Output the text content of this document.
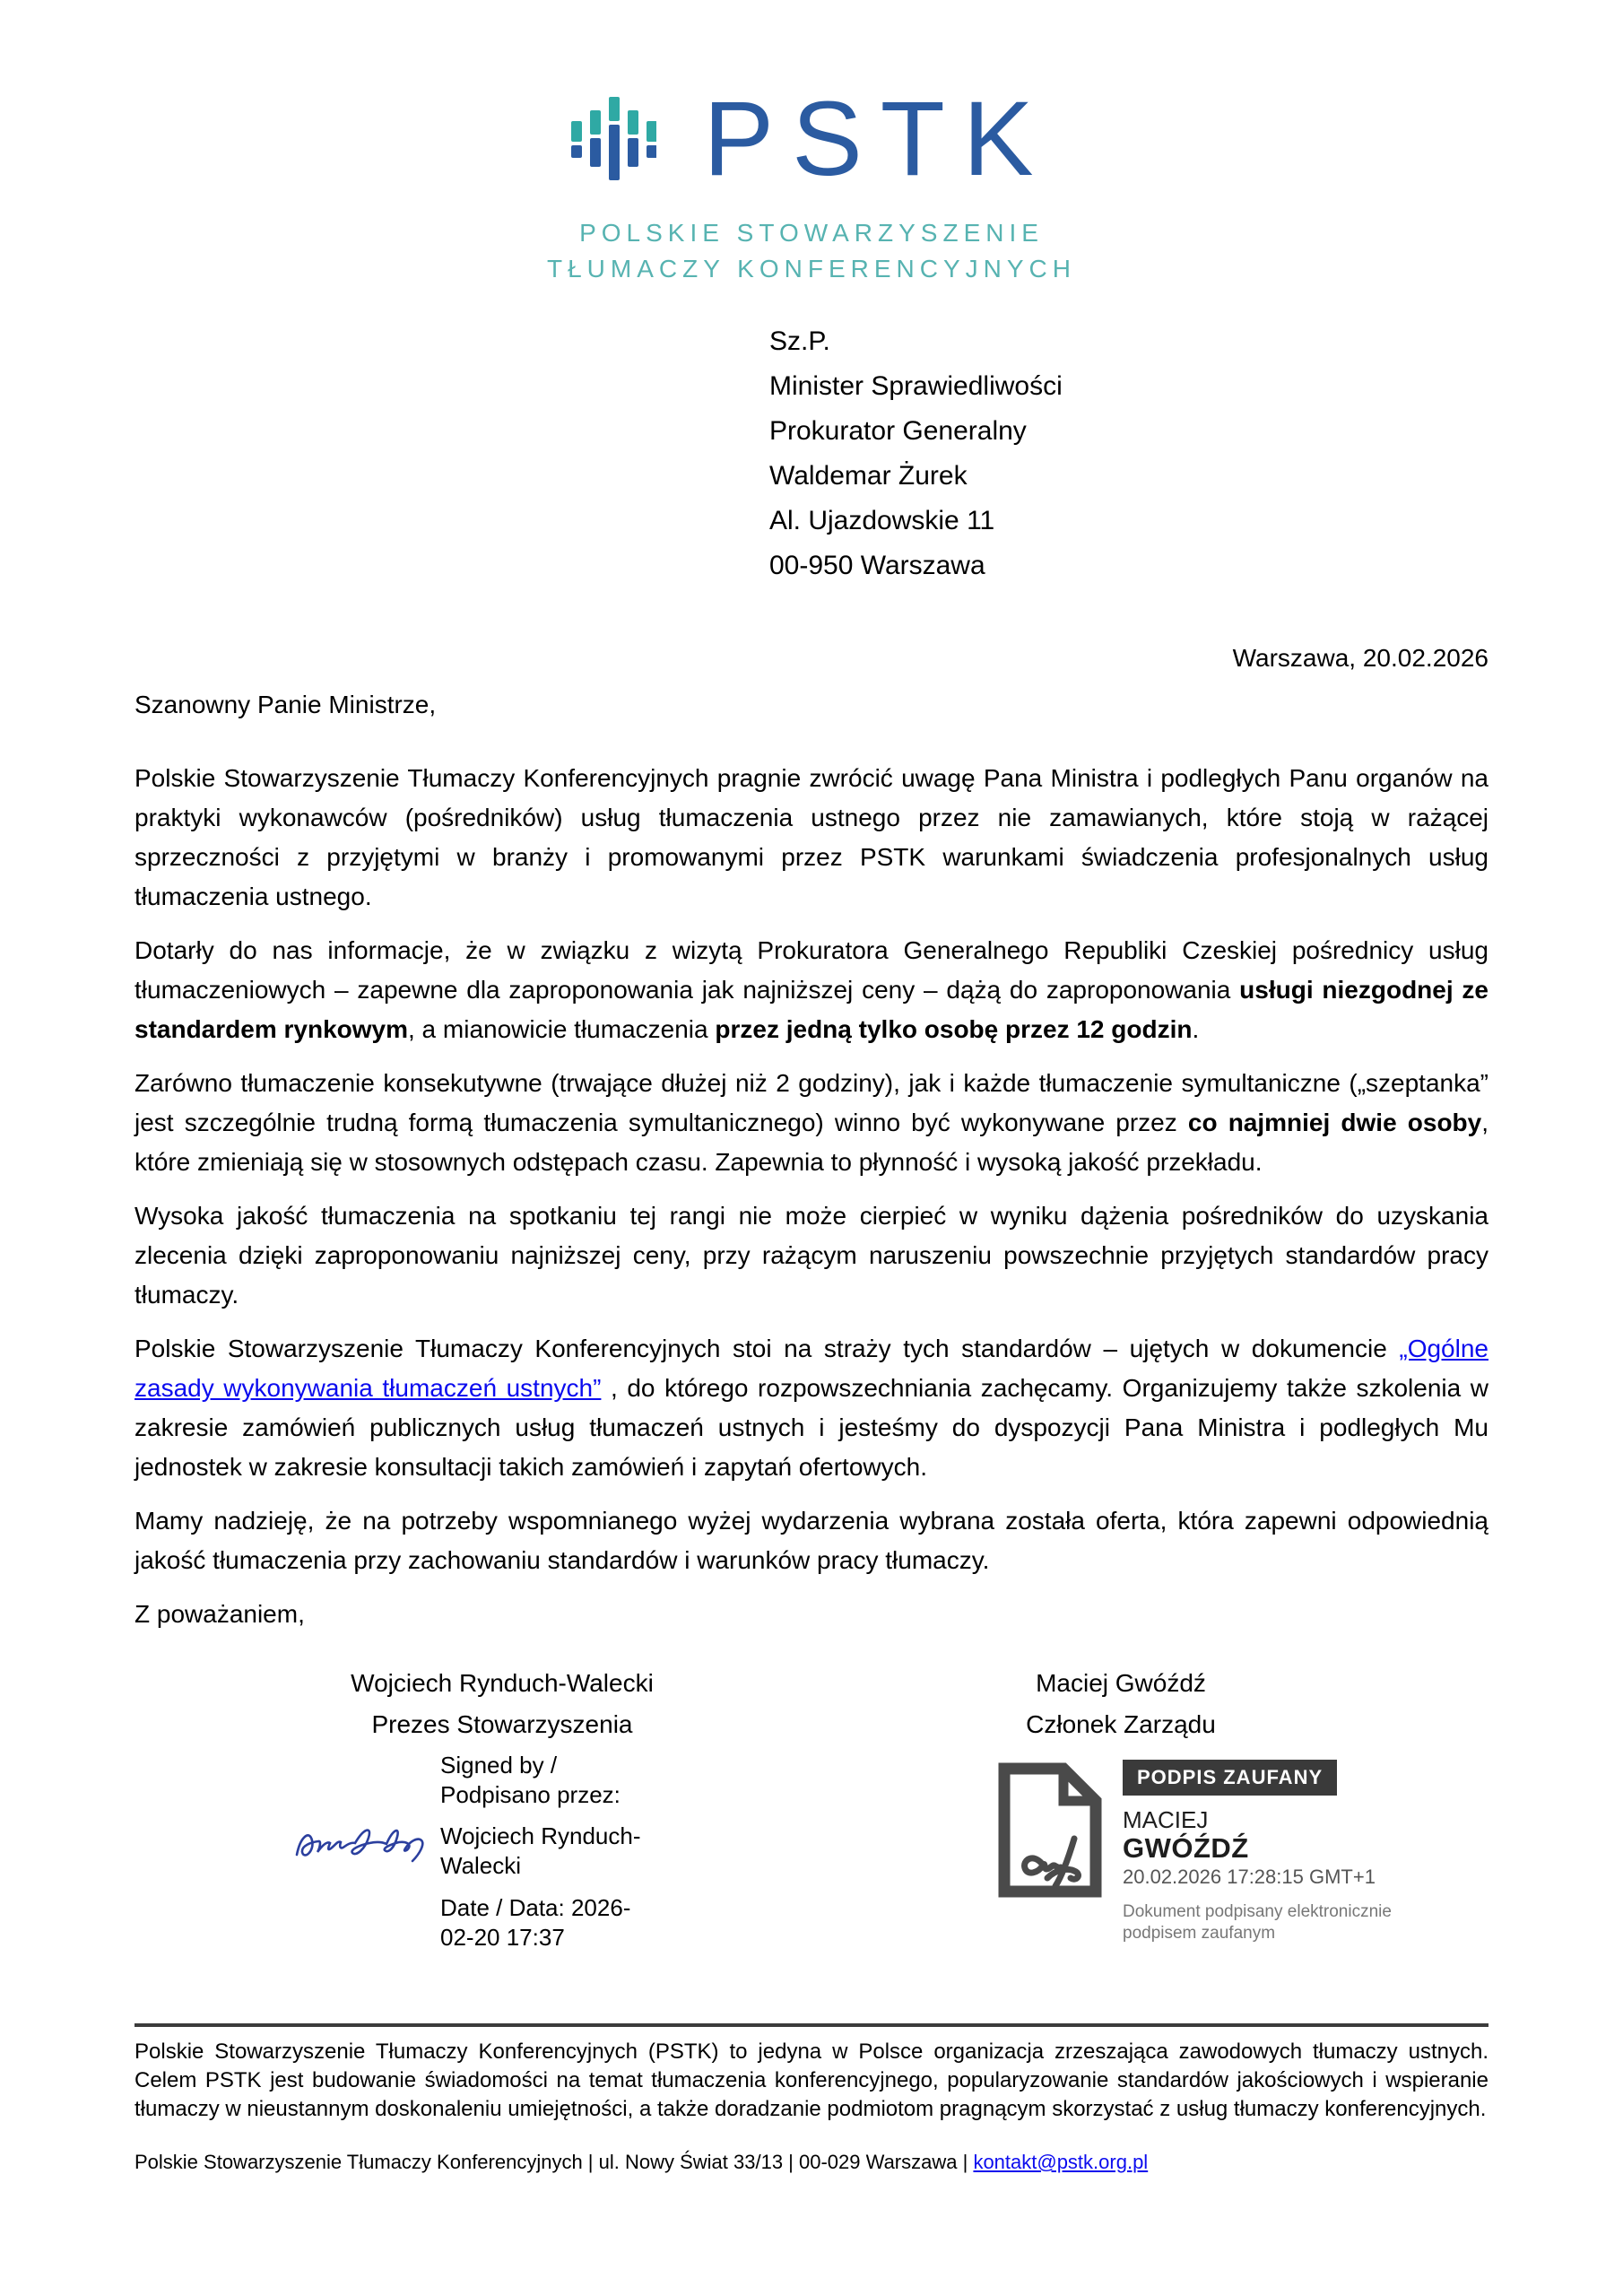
PSTK
POLSKIE STOWARZYSZENIE
TŁUMACZY KONFERENCYJNYCH
Sz.P.
Minister Sprawiedliwości
Prokurator Generalny
Waldemar Żurek
Al. Ujazdowskie 11
00-950 Warszawa
Warszawa, 20.02.2026
Szanowny Panie Ministrze,

Polskie Stowarzyszenie Tłumaczy Konferencyjnych pragnie zwrócić uwagę Pana Ministra i podległych Panu organów na praktyki wykonawców (pośredników) usług tłumaczenia ustnego przez nie zamawianych, które stoją w rażącej sprzeczności z przyjętymi w branży i promowanymi przez PSTK warunkami świadczenia profesjonalnych usług tłumaczenia ustnego.

Dotarły do nas informacje, że w związku z wizytą Prokuratora Generalnego Republiki Czeskiej pośrednicy usług tłumaczeniowych – zapewne dla zaproponowania jak najniższej ceny – dążą do zaproponowania usługi niezgodnej ze standardem rynkowym, a mianowicie tłumaczenia przez jedną tylko osobę przez 12 godzin.

Zarówno tłumaczenie konsekutywne (trwające dłużej niż 2 godziny), jak i każde tłumaczenie symultaniczne („szeptanka” jest szczególnie trudną formą tłumaczenia symultanicznego) winno być wykonywane przez co najmniej dwie osoby, które zmieniają się w stosownych odstępach czasu. Zapewnia to płynność i wysoką jakość przekładu.

Wysoka jakość tłumaczenia na spotkaniu tej rangi nie może cierpieć w wyniku dążenia pośredników do uzyskania zlecenia dzięki zaproponowaniu najniższej ceny, przy rażącym naruszeniu powszechnie przyjętych standardów pracy tłumaczy.

Polskie Stowarzyszenie Tłumaczy Konferencyjnych stoi na straży tych standardów – ujętych w dokumencie „Ogólne zasady wykonywania tłumaczeń ustnych” , do którego rozpowszechniania zachęcamy. Organizujemy także szkolenia w zakresie zamówień publicznych usług tłumaczeń ustnych i jesteśmy do dyspozycji Pana Ministra i podległych Mu jednostek w zakresie konsultacji takich zamówień i zapytań ofertowych.

Mamy nadzieję, że na potrzeby wspomnianego wyżej wydarzenia wybrana została oferta, która zapewni odpowiednią jakość tłumaczenia przy zachowaniu standardów i warunków pracy tłumaczy.

Z poważaniem,
Wojciech Rynduch-Walecki
Prezes Stowarzyszenia
Maciej Gwóźdź
Członek Zarządu
Signed by /
Podpisano przez:
Wojciech Rynduch-Walecki
Date / Data: 2026-02-20 17:37
PODPIS ZAUFANY
MACIEJ
GWÓŹDŹ
20.02.2026 17:28:15 GMT+1
Dokument podpisany elektronicznie
podpisem zaufanym

Polskie Stowarzyszenie Tłumaczy Konferencyjnych (PSTK) to jedyna w Polsce organizacja zrzeszająca zawodowych tłumaczy ustnych. Celem PSTK jest budowanie świadomości na temat tłumaczenia konferencyjnego, popularyzowanie standardów jakościowych i wspieranie tłumaczy w nieustannym doskonaleniu umiejętności, a także doradzanie podmiotom pragnącym skorzystać z usług tłumaczy konferencyjnych.

Polskie Stowarzyszenie Tłumaczy Konferencyjnych | ul. Nowy Świat 33/13 | 00-029 Warszawa | kontakt@pstk.org.pl
